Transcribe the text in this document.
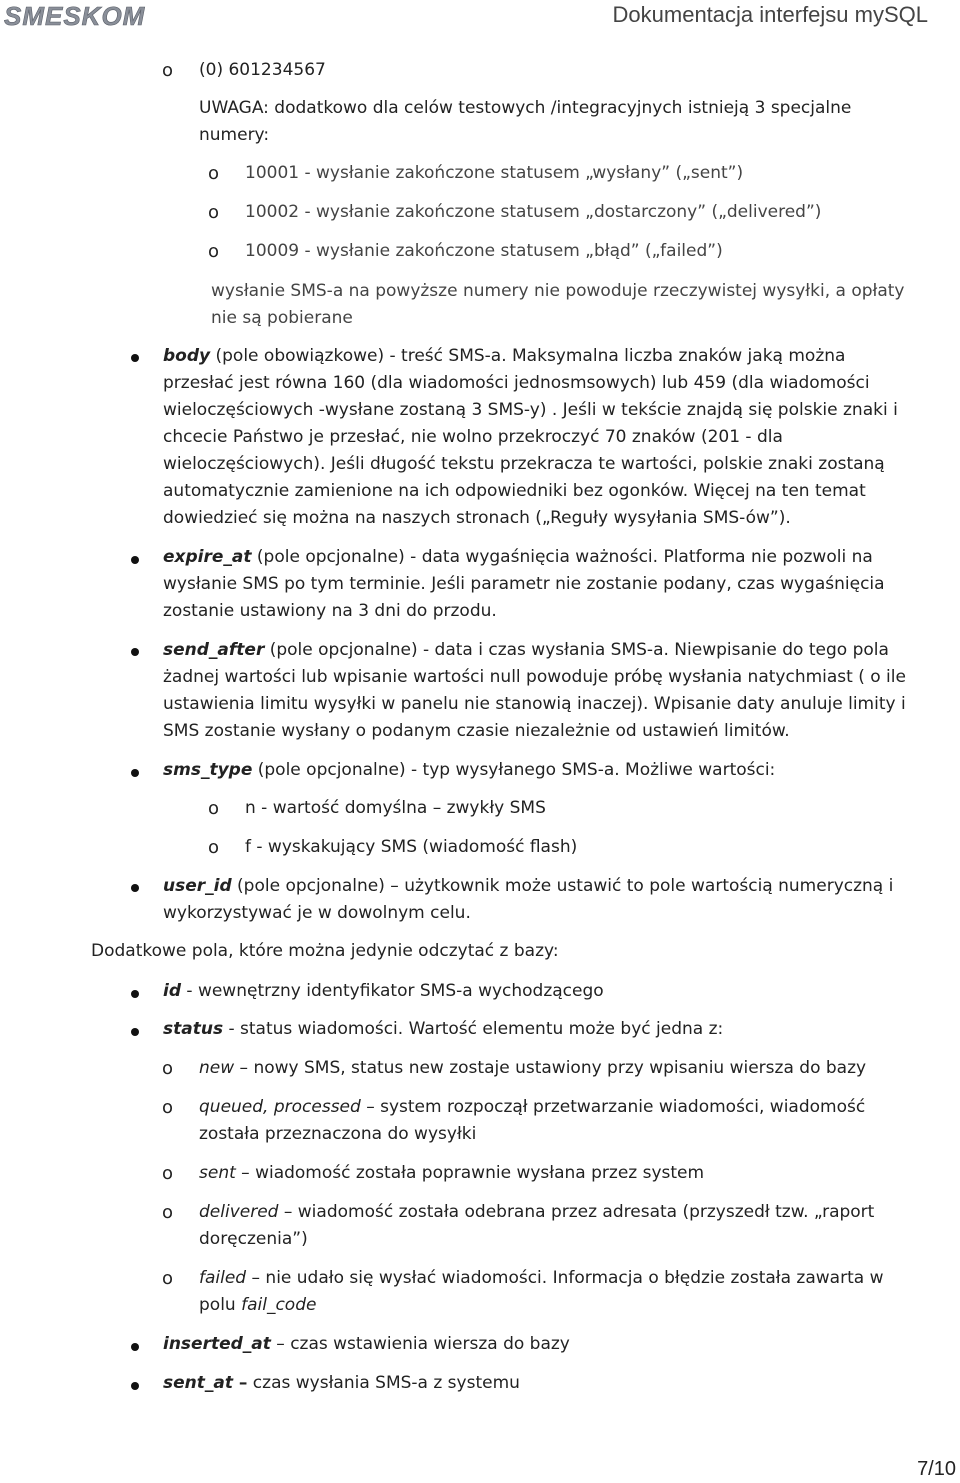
SMESKOM	Dokumentacja interfejsu mySQL
o (0) 601234567
UWAGA: dodatkowo dla celów testowych /integracyjnych istnieją 3 specjalne
numery:
o 10001 - wysłanie zakończone statusem „wysłany” („sent”)
o 10002 - wysłanie zakończone statusem „dostarczony” („delivered”)
o 10009 - wysłanie zakończone statusem „błąd” („failed”)
wysłanie SMS-a na powyższe numery nie powoduje rzeczywistej wysyłki, a opłaty
nie są pobierane
body (pole obowiązkowe) - treść SMS-a. Maksymalna liczba znaków jaką można
przesłać jest równa 160 (dla wiadomości jednosmsowych) lub 459 (dla wiadomości
wieloczęściowych -wysłane zostaną 3 SMS-y) . Jeśli w tekście znajdą się polskie znaki i
chcecie Państwo je przesłać, nie wolno przekroczyć 70 znaków (201 - dla
wieloczęściowych). Jeśli długość tekstu przekracza te wartości, polskie znaki zostaną
automatycznie zamienione na ich odpowiedniki bez ogonków. Więcej na ten temat
dowiedzieć się można na naszych stronach („Reguły wysyłania SMS-ów”).
expire_at (pole opcjonalne) - data wygaśnięcia ważności. Platforma nie pozwoli na
wysłanie SMS po tym terminie. Jeśli parametr nie zostanie podany, czas wygaśnięcia
zostanie ustawiony na 3 dni do przodu.
send_after (pole opcjonalne) - data i czas wysłania SMS-a. Niewpisanie do tego pola
żadnej wartości lub wpisanie wartości null powoduje próbę wysłania natychmiast ( o ile
ustawienia limitu wysyłki w panelu nie stanowią inaczej). Wpisanie daty anuluje limity i
SMS zostanie wysłany o podanym czasie niezależnie od ustawień limitów.
sms_type (pole opcjonalne) - typ wysyłanego SMS-a. Możliwe wartości:
o n - wartość domyślna – zwykły SMS
o f - wyskakujący SMS (wiadomość flash)
user_id (pole opcjonalne) – użytkownik może ustawić to pole wartością numeryczną i
wykorzystywać je w dowolnym celu.
Dodatkowe pola, które można jedynie odczytać z bazy:
id - wewnętrzny identyfikator SMS-a wychodzącego
status - status wiadomości. Wartość elementu może być jedna z:
o new – nowy SMS, status new zostaje ustawiony przy wpisaniu wiersza do bazy
o queued, processed – system rozpoczął przetwarzanie wiadomości, wiadomość
została przeznaczona do wysyłki
o sent – wiadomość została poprawnie wysłana przez system
o delivered – wiadomość została odebrana przez adresata (przyszedł tzw. „raport
doręczenia”)
o failed – nie udało się wysłać wiadomości. Informacja o błędzie została zawarta w
polu fail_code
inserted_at – czas wstawienia wiersza do bazy
sent_at – czas wysłania SMS-a z systemu
7/10
